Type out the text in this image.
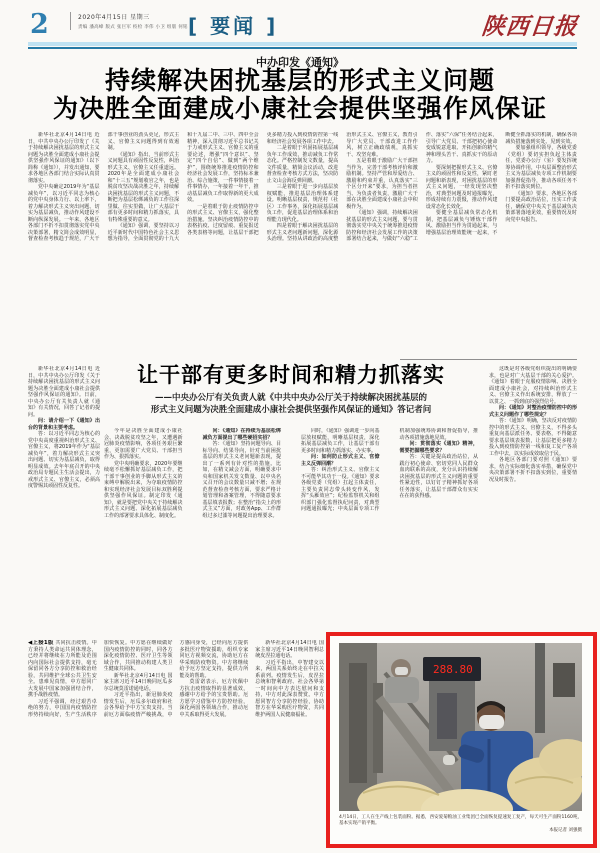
2	2020年4月15日 星期三
责编 潘高峰 版式 张巨军 校检 李伟 小卫 组版 何铭 [ 要闻 ]	陕西日报
中办印发《通知》
持续解决困扰基层的形式主义问题
为决胜全面建成小康社会提供坚强作风保证

新华社北京4月14日电 近日，中共中央办公厅印发了《关于持续解决困扰基层的形式主义问题为决胜全面建成小康社会提供坚强作风保证的通知》（以下简称《通知》），并发出通知，要求各地区各部门结合实际认真贯彻落实。

党中央确定2019年为“基层减负年”，以习近平同志为核心的党中央身体力行、以上率下，着力解决形式主义突出问题、切实为基层减负，推动作风建设不断向纵深发展。一年来，各地区各部门不折不扣贯彻落实党中央决策部署，精文简会成效明显，督查检查考核趋于规范，广大干部干事创业的劲头更足，形式主义、官僚主义问题得到有效遏制。

《通知》指出，当前形式主义问题具有顽固性反复性，纠治形式主义、官僚主义任重道远。2020年是全面建成小康社会和“十三五”规划收官之年，也是脱贫攻坚决战决胜之年，持续解决困扰基层的形式主义问题，不断把为基层松绑减负的工作往深里做、往实里做，让广大基层干部有更多时间和精力抓落实，具有特殊重要的意义。

《通知》强调，要坚持以习近平新时代中国特色社会主义思想为指导，全面贯彻党的十九大和十九届二中、三中、四中全会精神，深入贯彻习近平总书记关于力戒形式主义、官僚主义的重要论述，增强“四个意识”、坚定“四个自信”、做到“两个维护”，围绕统筹推进疫情防控和经济社会发展工作，坚持标本兼治、综合施策，一件事情接着一件事情办，一年接着一年干，推动基层减负工作取得新的更大成效。

一是着眼于防止疫情防控中的形式主义、官僚主义，强化整治措施。坚决纠治疫情防控中的表格抗疫、过度留痕、重复报送各类表格等问题，让基层干部把更多精力投入到疫情防控第一线和经济社会发展各项工作中去。

二是着眼于巩固拓展基层减负年工作成效，推动减负工作常态化。严格控制发文数量，提高文件质量，精简会议活动，改进督查检查考核方式方法，坚决防止文山会海反弹回潮。

三是着眼于进一步向基层放权赋能，推进基层治理体系建设。明晰基层权责，规范村（社区）工作事务，深化拓展基层减负工作，促进基层治理体系和治理能力现代化。

四是着眼于解决困扰基层的形式主义老问题新问题，深化源头治理。坚持从讲政治的高度整治形式主义、官僚主义，教育引导广大党员、干部改进工作作风，树立正确政绩观，真抓实干、攻坚克难。

五是着眼于激励广大干部担当作为，完善干部考核评价和激励机制。坚持严管和厚爱结合、激励和约束并重，认真落实“三个区分开来”要求，为担当者担当、为负责者负责，激励广大干部在决胜全面建成小康社会中积极作为。

《通知》强调，持续解决困扰基层的形式主义问题，要与贯彻落实党中央关于统筹推进疫情防控和经济社会发展工作的决策部署结合起来，与做好“六稳”工作、落实“六保”任务结合起来，引导广大党员、干部把初心使命变成锐意进取、开拓创新的精气神和埋头苦干、真抓实干的原动力。

要深刻把握形式主义、官僚主义的顽固性和反复性，紧盯老问题和新表现，对困扰基层的形式主义问题，一经发现坚决整治，对典型问题及时通报曝光，形成持续有力震慑，推动作风建设常态化长效化。

要健全基层减负常态化机制，把基层减负与锤炼干部作风、激励担当作为贯通起来，与增强基层治理效能统一起来，不断健全抓落实的机制，确保各项减负措施落到实处、见到实效。

要加强组织领导，各级党委（党组）要切实担负起主体责任，党委办公厅（室）要发挥统筹协调作用，中央层面整治形式主义为基层减负专项工作机制要加强督促指导，推动各项任务不折不扣落实到位。

《通知》要求，各地区各部门要提高政治站位，压实工作责任，确保党中央关于基层减负决策部署落地见效，重要情况及时向党中央报告。

新华社北京4月14日电 近日，中共中央办公厅印发《关于持续解决困扰基层的形式主义问题为决胜全面建成小康社会提供坚强作风保证的通知》。日前，中央办公厅有关负责人就《通知》有关情况，回答了记者的提问。

问：请介绍一下《通知》出台的背景和主要考虑。

答：以习近平同志为核心的党中央高度重视纠治形式主义、官僚主义，将2019年作为“基层减负年”，着力解决形式主义突出问题、切实为基层减负，取得明显成效。去年年底召开的中央政治局专题民主生活会提出，力戒形式主义、官僚主义，必须高度警惕其顽固性反复性。

让干部有更多时间和精力抓落实
——中央办公厅有关负责人就《中共中央办公厅关于持续解决困扰基层的
形式主义问题为决胜全面建成小康社会提供坚强作风保证的通知》答记者问

今年是决胜全面建成小康社会、决战脱贫攻坚之年，又遭遇新冠肺炎疫情影响，各项任务艰巨繁重，更加需要广大党员、干部担当作为、狠抓落实。

党中央明确要求，2020年要继续毫不松懈抓好基层减负工作，把干部干事创业的手脚从形式主义的束缚中解脱出来，为夺取疫情防控和实现经济社会发展目标双胜利提供坚强作风保证。制定印发《通知》，就是要把党中央关于持续解决形式主义问题、深化拓展基层减负工作的部署要求具体化、制度化。

问：《通知》在持续为基层松绑减负方面提出了哪些硬招实招？

答：《通知》坚持问题导向、目标导向、结果导向，针对当前困扰基层的形式主义老问题新表现，提出了一系列有针对性的措施。比如，在精文减会方面，明确要求中央和国家机关发文数量、以中央名义召开的会议数量只减不增；在规范督查检查考核方面，要求严格计划管理和备案管理，不得随意要求基层填表报数；在整治“指尖上的形式主义”方面，对政务App、工作群组过多过滥等问题提出治理要求。

同时，《通知》强调进一步向基层放权赋能，明晰基层权责，深化拓展基层减负工作，让基层干部有更多时间和精力抓落实、办实事。

问：如何防止形式主义、官僚主义反弹回潮？

答：纠治形式主义、官僚主义不可能毕其功于一役。《通知》要求各级党委（党组）扛起主体责任，主要负责同志带头转变作风，发挥“头雁效应”；纪检监察机关和组织部门强化监督执纪问责，对典型问题通报曝光；中央层面专项工作机制加强统筹协调和督促指导，推动各项措施落地见效。

问：贯彻落实《通知》精神，需要把握哪些要求？

答：关键是提高政治站位，从践行初心使命、密切党同人民群众血肉联系的高度，充分认识持续解决困扰基层的形式主义问题的重要性紧迫性，以钉钉子精神抓好各项任务落实，让基层干部群众有实实在在的获得感。

这既是对各级党组织提出的明确要求，也是对广大基层干部的关心爱护。《通知》着眼于克服疫情影响、决胜全面建成小康社会，对持续纠治形式主义、官僚主义作出系统安排，释放了一以贯之、一抓到底的强烈信号。

问：《通知》对整治疫情防控中的形式主义问题作了哪些规定？

答：《通知》明确，坚决反对疫情防控中的形式主义、官僚主义，不得多头重复向基层派任务、要表格，不得随意要求基层填表报数，让基层把更多精力投入到疫情防控第一线和复工复产各项工作中去，以实际成效取信于民。

各地区各部门要对照《通知》要求，结合实际细化落实举措，确保党中央决策部署不折不扣落实到位，重要情况及时报告。

◀上接1版 共同抗击疫情。中方秉持人类命运共同体理念，已经并将继续在力所能及范围内向国际社会提供支持，毫无保留同各方分享防控和救治经验，共同维护全球公共卫生安全。患难见真情，中方愿同广大发展中国家加强团结合作，携手战胜疫情。

习近平强调，经过艰苦卓绝的努力，中国国内疫情防控形势持续向好，生产生活秩序加快恢复。中方愿在继续做好国内疫情防控的同时，同各方深化疫情防控、医疗卫生等领域合作，共同推动构建人类卫生健康共同体。

新华社北京4月14日电 国家主席习近平14日晚同厄瓜多尔总统莫雷诺通电话。

习近平指出，新冠肺炎疫情发生后，厄瓜多尔政府和社会各界给予中方宝贵支持。当前厄方面临疫情严峻挑战，中方感同身受，已经向厄方提供多批医疗物资援助，组织专家同厄方视频交流，协助厄方在华采购防疫物资。中方将继续给予厄方坚定支持，提供力所能及的帮助。

莫雷诺表示，厄方钦佩中方抗击疫情取得的显著成效，感谢中方给予的宝贵帮助。厄方愿学习借鉴中方防控经验，深化两国各领域合作，推动厄中关系取得更大发展。

新华社北京4月14日电 国家主席习近平14日晚同智利总统皮涅拉通电话。

习近平指出，中智建交以来，两国关系始终走在中拉关系前列。疫情发生后，皮涅拉总统和智利政府、社会各界第一时间向中方表达慰问和支持，中方对此深表赞赏。中方愿同智方分享防控经验，协助智方在华采购医疗物资，共同维护两国人民健康福祉。

288.80
4月14日，工人在生产线上包装面粉。据悉，西安爱菊粮油工业集团已全面恢复提速复工复产，每天可生产面粉1160吨，基本实现产销平衡。
本报记者 刘强摄
